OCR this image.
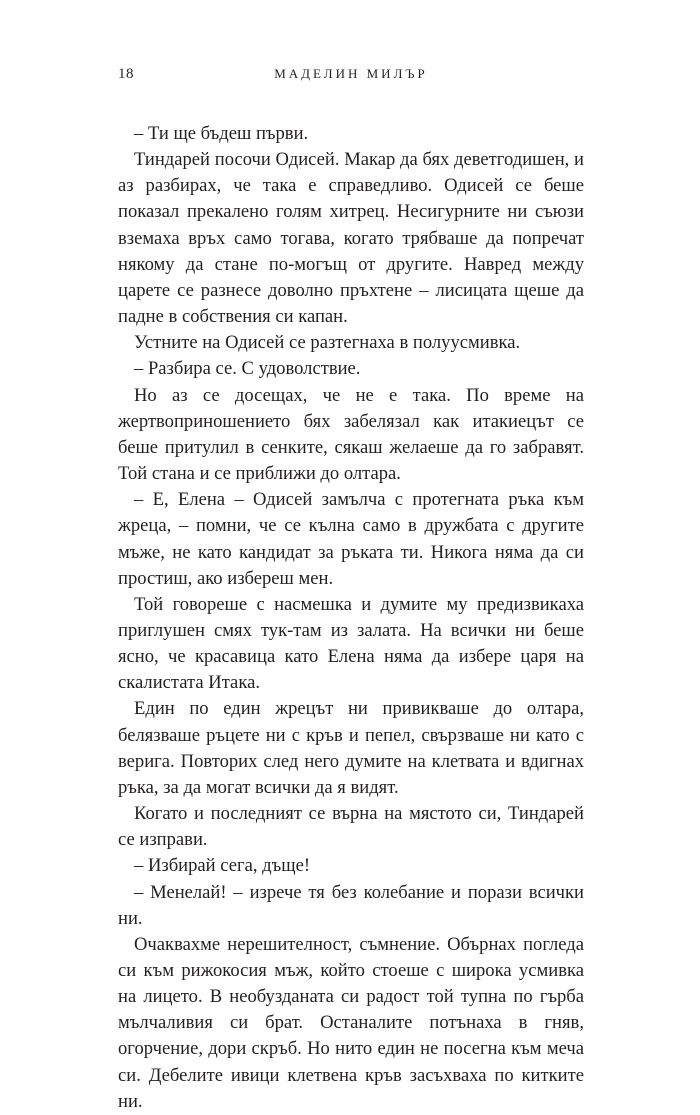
18	МАДЕЛИН МИЛЪР

– Ти ще бъдеш първи.

Тиндарей посочи Одисей. Макар да бях деветгодишен, и аз разбирах, че така е справедливо. Одисей се беше показал прекалено голям хитрец. Несигурните ни съюзи вземаха връх само тогава, когато трябваше да попречат някому да стане по-могъщ от другите. Навред между царете се разнесе доволно пръхтене – лисицата щеше да падне в собствения си капан.

Устните на Одисей се разтегнаха в полуусмивка.

– Разбира се. С удоволствие.

Но аз се досещах, че не е така. По време на жертвоприношението бях забелязал как итакиецът се беше притулил в сенките, сякаш желаеше да го забравят. Той стана и се приближи до олтара.

– Е, Елена – Одисей замълча с протегната ръка към жреца, – помни, че се кълна само в дружбата с другите мъже, не като кандидат за ръката ти. Никога няма да си простиш, ако избереш мен.

Той говореше с насмешка и думите му предизвикаха приглушен смях тук-там из залата. На всички ни беше ясно, че красавица като Елена няма да избере царя на скалистата Итака.

Един по един жрецът ни привикваше до олтара, белязваше ръцете ни с кръв и пепел, свързваше ни като с верига. Повторих след него думите на клетвата и вдигнах ръка, за да могат всички да я видят.

Когато и последният се върна на мястото си, Тиндарей се изправи.

– Избирай сега, дъще!

– Менелай! – изрече тя без колебание и порази всички ни.

Очаквахме нерешителност, съмнение. Обърнах погледа си към рижокосия мъж, който стоеше с широка усмивка на лицето. В необузданата си радост той тупна по гърба мълчаливия си брат. Останалите потънаха в гняв, огорчение, дори скръб. Но нито един не посегна към меча си. Дебелите ивици клетвена кръв засъхваха по китките ни.
